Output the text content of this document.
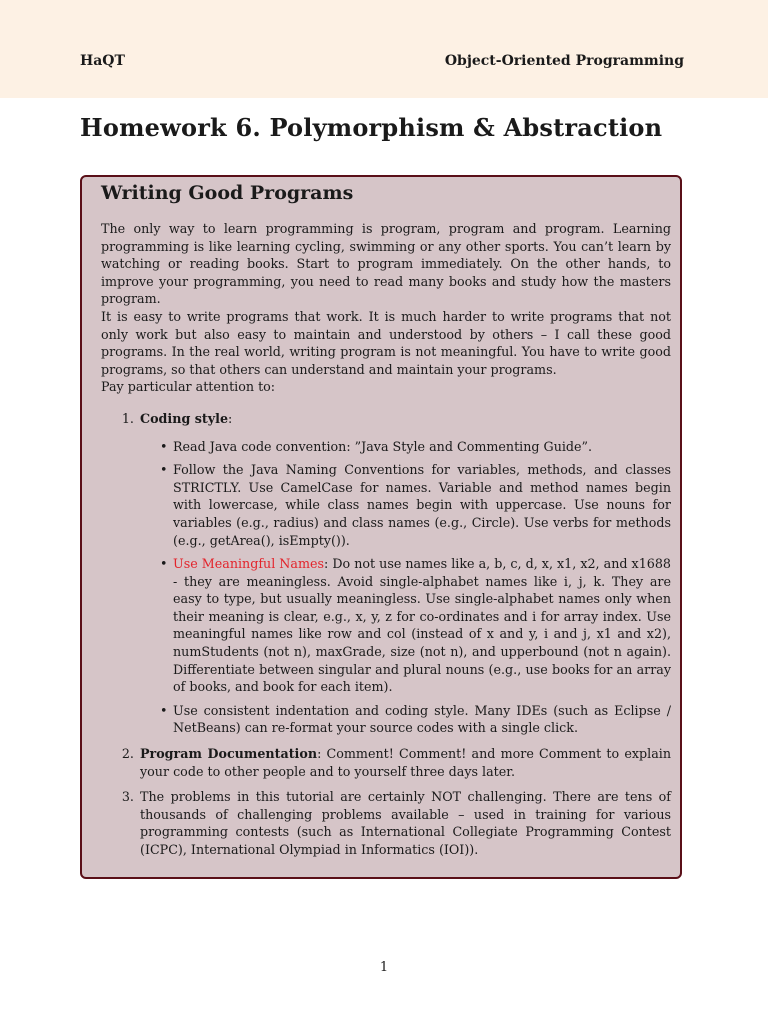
HaQT	Object-Oriented Programming
Homework 6. Polymorphism & Abstraction
Writing Good Programs

The only way to learn programming is program, program and program. Learning programming is like learning cycling, swimming or any other sports. You can’t learn by watching or reading books. Start to program immediately. On the other hands, to improve your programming, you need to read many books and study how the masters program.

It is easy to write programs that work. It is much harder to write programs that not only work but also easy to maintain and understood by others – I call these good programs. In the real world, writing program is not meaningful. You have to write good programs, so that others can understand and maintain your programs.

Pay particular attention to:

1. Coding style:
• Read Java code convention: ”Java Style and Commenting Guide”.
• Follow the Java Naming Conventions for variables, methods, and classes STRICTLY. Use CamelCase for names. Variable and method names begin with lowercase, while class names begin with uppercase. Use nouns for variables (e.g., radius) and class names (e.g., Circle). Use verbs for methods (e.g., getArea(), isEmpty()).
• Use Meaningful Names: Do not use names like a, b, c, d, x, x1, x2, and x1688 - they are meaningless. Avoid single-alphabet names like i, j, k. They are easy to type, but usually meaningless. Use single-alphabet names only when their meaning is clear, e.g., x, y, z for co-ordinates and i for array index. Use meaningful names like row and col (instead of x and y, i and j, x1 and x2), numStudents (not n), maxGrade, size (not n), and upperbound (not n again). Differentiate between singular and plural nouns (e.g., use books for an array of books, and book for each item).
• Use consistent indentation and coding style. Many IDEs (such as Eclipse / NetBeans) can re-format your source codes with a single click.
2. Program Documentation: Comment! Comment! and more Comment to explain your code to other people and to yourself three days later.
3. The problems in this tutorial are certainly NOT challenging. There are tens of thousands of challenging problems available – used in training for various programming contests (such as International Collegiate Programming Contest (ICPC), International Olympiad in Informatics (IOI)).
1
